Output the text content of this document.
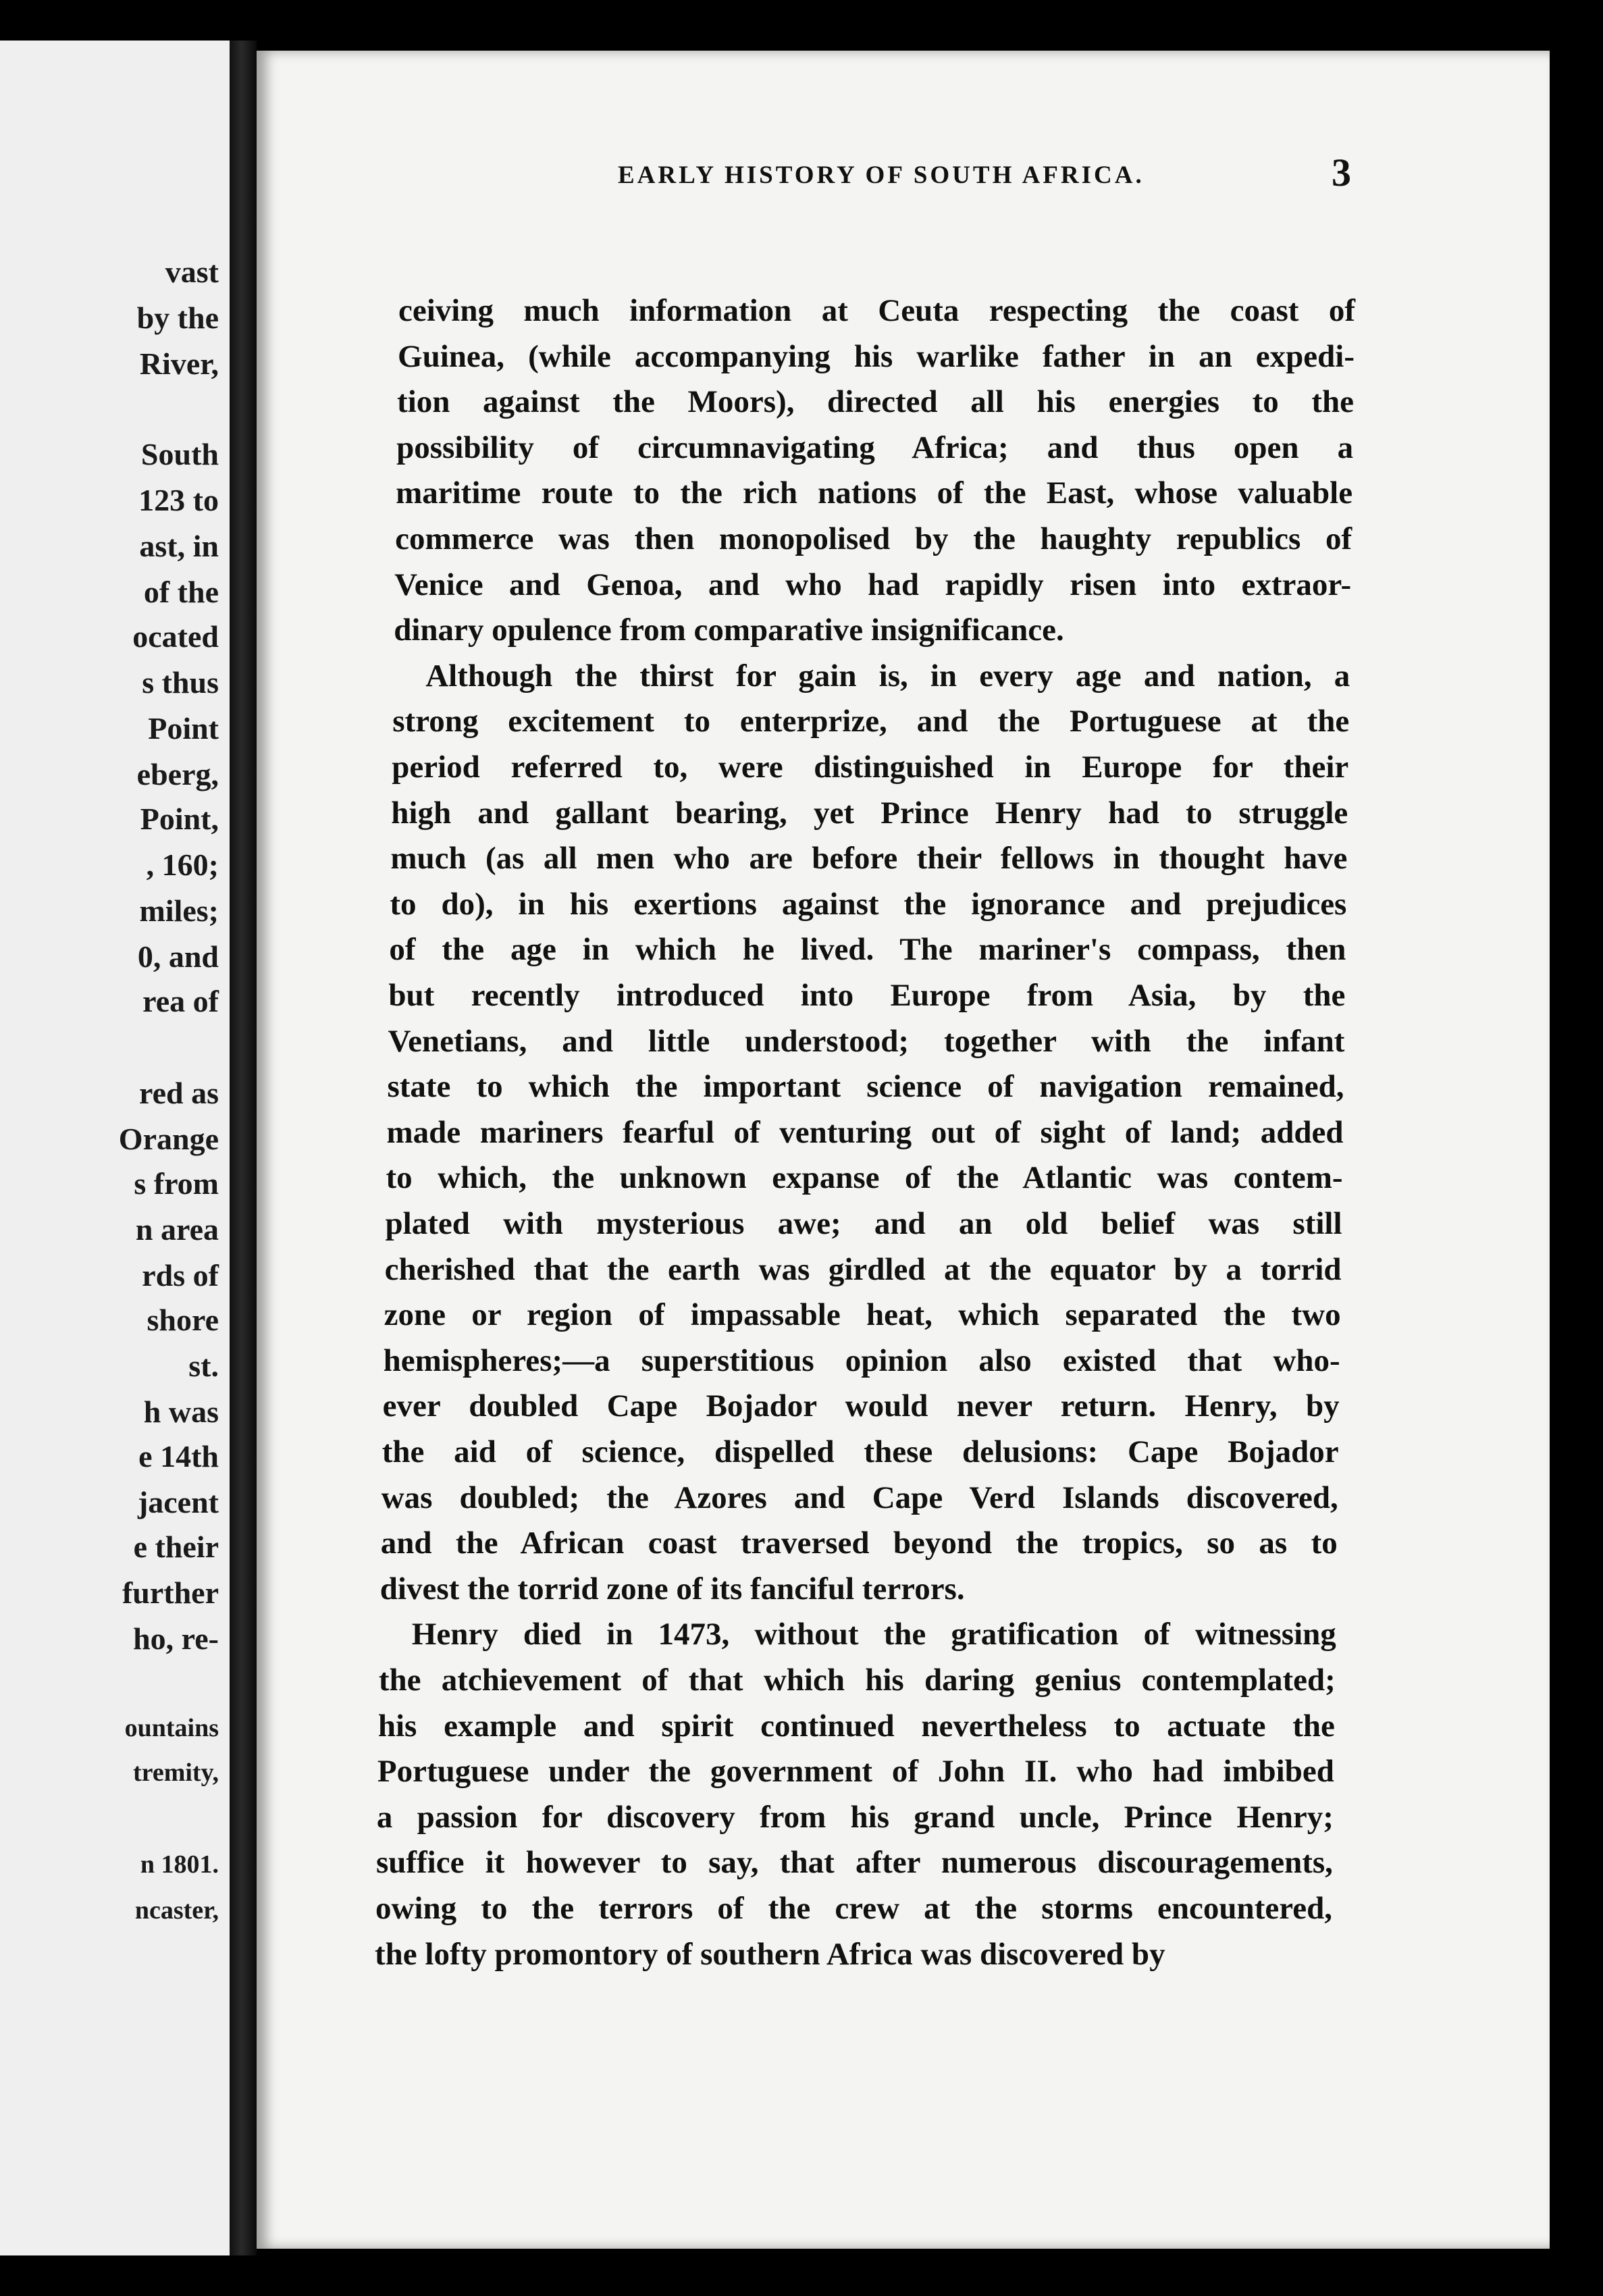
vast
by the
River,
South
123 to
ast, in
of the
ocated
s thus
Point
eberg,
Point,
, 160;
miles;
0, and
rea of
red as
Orange
s from
n area
rds of
shore
st.
h was
e 14th
jacent
e their
further
ho, re-
ountains
tremity,
n 1801.
ncaster,
EARLY HISTORY OF SOUTH AFRICA.	3
ceiving much information at Ceuta respecting the coast of
Guinea, (while accompanying his warlike father in an expedi-
tion against the Moors), directed all his energies to the
possibility of circumnavigating Africa; and thus open a
maritime route to the rich nations of the East, whose valuable
commerce was then monopolised by the haughty republics of
Venice and Genoa, and who had rapidly risen into extraor-
dinary opulence from comparative insignificance.
Although the thirst for gain is, in every age and nation, a
strong excitement to enterprize, and the Portuguese at the
period referred to, were distinguished in Europe for their
high and gallant bearing, yet Prince Henry had to struggle
much (as all men who are before their fellows in thought have
to do), in his exertions against the ignorance and prejudices
of the age in which he lived. The mariner's compass, then
but recently introduced into Europe from Asia, by the
Venetians, and little understood; together with the infant
state to which the important science of navigation remained,
made mariners fearful of venturing out of sight of land; added
to which, the unknown expanse of the Atlantic was contem-
plated with mysterious awe; and an old belief was still
cherished that the earth was girdled at the equator by a torrid
zone or region of impassable heat, which separated the two
hemispheres;—a superstitious opinion also existed that who-
ever doubled Cape Bojador would never return. Henry, by
the aid of science, dispelled these delusions: Cape Bojador
was doubled; the Azores and Cape Verd Islands discovered,
and the African coast traversed beyond the tropics, so as to
divest the torrid zone of its fanciful terrors.
Henry died in 1473, without the gratification of witnessing
the atchievement of that which his daring genius contemplated;
his example and spirit continued nevertheless to actuate the
Portuguese under the government of John II. who had imbibed
a passion for discovery from his grand uncle, Prince Henry;
suffice it however to say, that after numerous discouragements,
owing to the terrors of the crew at the storms encountered,
the lofty promontory of southern Africa was discovered by
